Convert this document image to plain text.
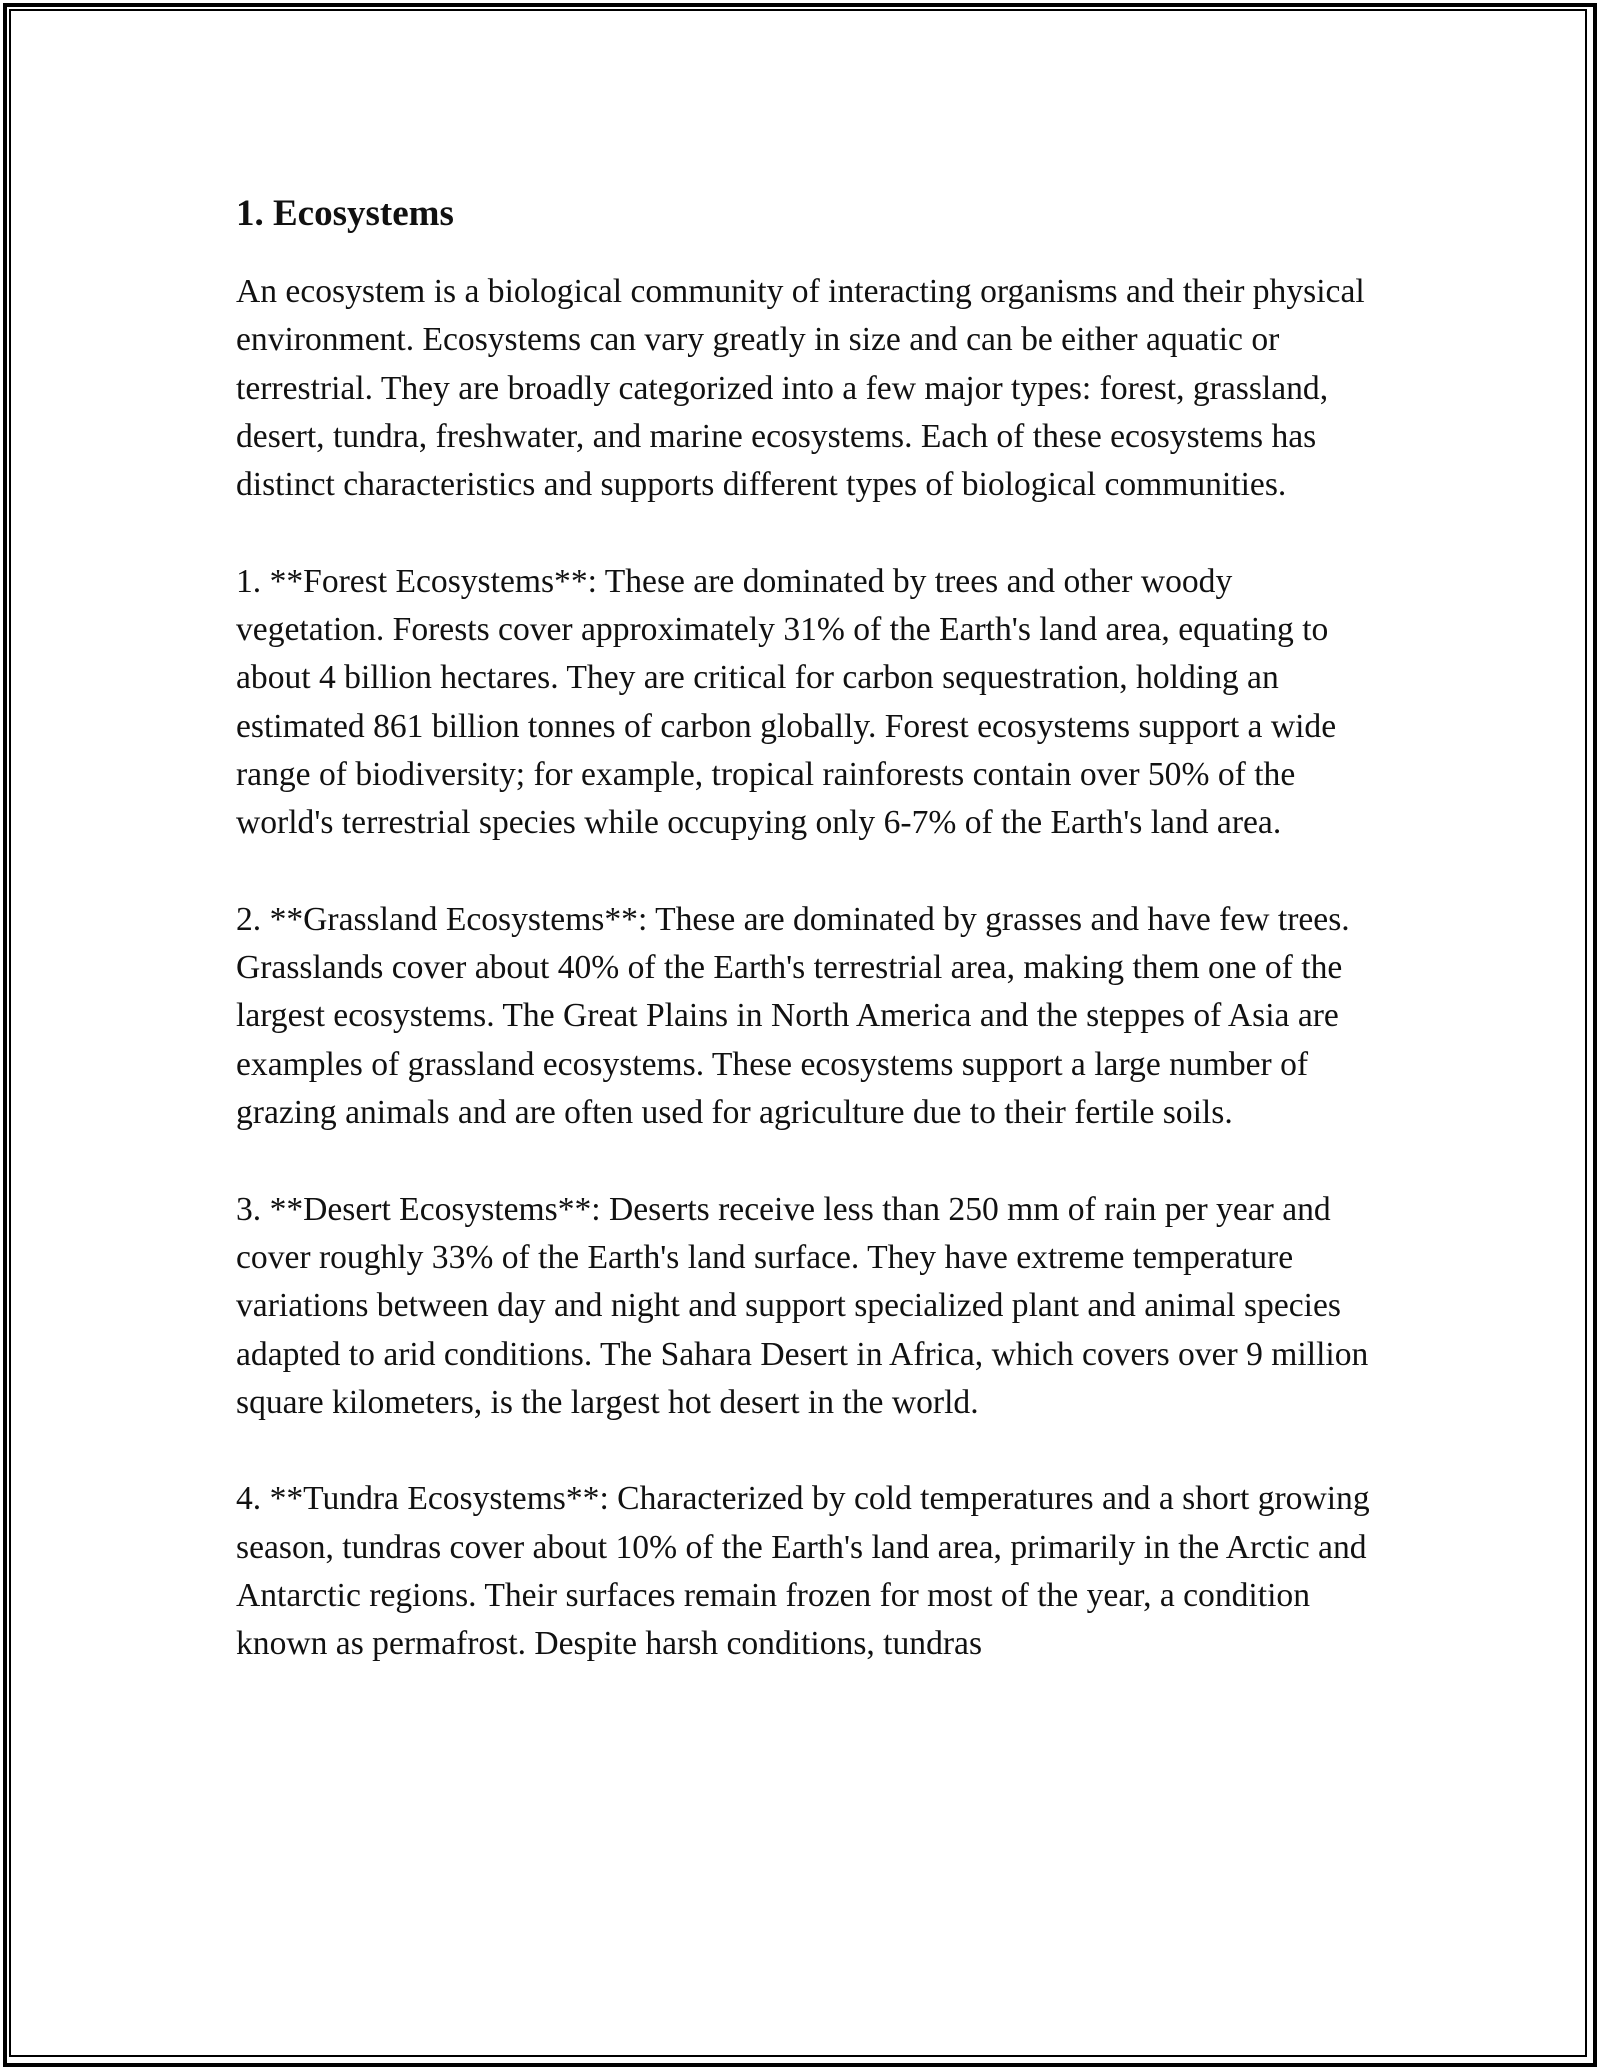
1. Ecosystems

An ecosystem is a biological community of interacting organisms and their physical environment. Ecosystems can vary greatly in size and can be either aquatic or terrestrial. They are broadly categorized into a few major types: forest, grassland, desert, tundra, freshwater, and marine ecosystems. Each of these ecosystems has distinct characteristics and supports different types of biological communities.

1. **Forest Ecosystems**: These are dominated by trees and other woody vegetation. Forests cover approximately 31% of the Earth's land area, equating to about 4 billion hectares. They are critical for carbon sequestration, holding an estimated 861 billion tonnes of carbon globally. Forest ecosystems support a wide range of biodiversity; for example, tropical rainforests contain over 50% of the world's terrestrial species while occupying only 6-7% of the Earth's land area.

2. **Grassland Ecosystems**: These are dominated by grasses and have few trees. Grasslands cover about 40% of the Earth's terrestrial area, making them one of the largest ecosystems. The Great Plains in North America and the steppes of Asia are examples of grassland ecosystems. These ecosystems support a large number of grazing animals and are often used for agriculture due to their fertile soils.

3. **Desert Ecosystems**: Deserts receive less than 250 mm of rain per year and cover roughly 33% of the Earth's land surface. They have extreme temperature variations between day and night and support specialized plant and animal species adapted to arid conditions. The Sahara Desert in Africa, which covers over 9 million square kilometers, is the largest hot desert in the world.

4. **Tundra Ecosystems**: Characterized by cold temperatures and a short growing season, tundras cover about 10% of the Earth's land area, primarily in the Arctic and Antarctic regions. Their surfaces remain frozen for most of the year, a condition known as permafrost. Despite harsh conditions, tundras
